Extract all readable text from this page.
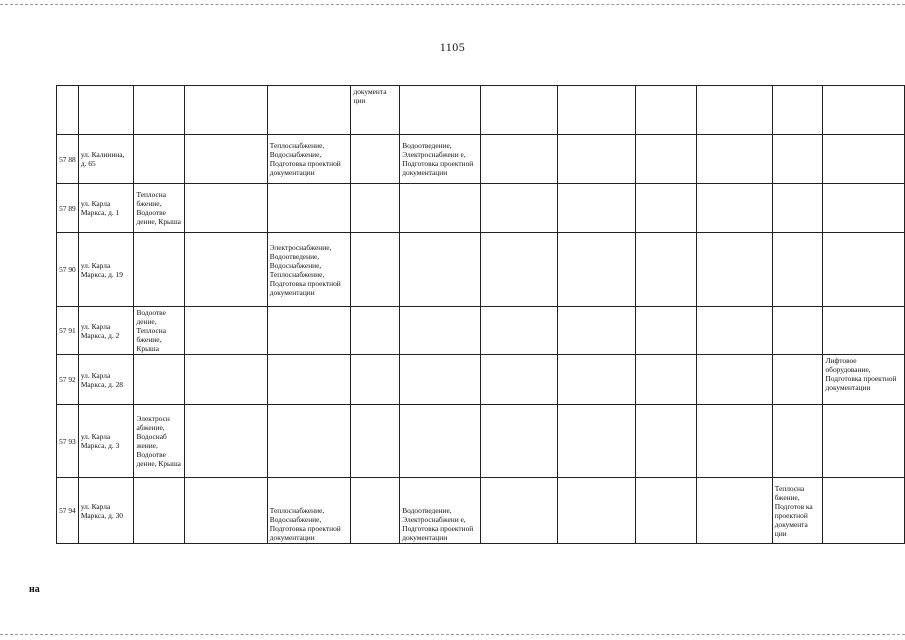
1105
					документа ции							
57 88	ул. Калинина, д. 65			Теплоснабжение, Водоснабжение, Подготовка проектной документации		Водоотведение, Электроснабжени е, Подготовка проектной документации						
57 89	ул. Карла Маркса, д. 1	Теплосна бжение, Водоотве дение, Крыша										
57 90	ул. Карла Маркса, д. 19			Электроснабжение, Водоотведение, Водоснабжение, Теплоснабжение, Подготовка проектной документации								
57 91	ул. Карла Маркса, д. 2	Водоотве дение, Теплосна бжение, Крыша										
57 92	ул. Карла Маркса, д. 28											Лифтовое оборудование, Подготовка проектной документации
57 93	ул. Карла Маркса, д. 3	Электросн абжение, Водоснаб жение, Водоотве дение, Крыша										
57 94	ул. Карла Маркса, д. 30			Теплоснабжение, Водоснабжение, Подготовка проектной документации		Водоотведение, Электроснабжени е, Подготовка проектной документации					Теплосна бжение, Подготов ка проектной документа ции	
на
